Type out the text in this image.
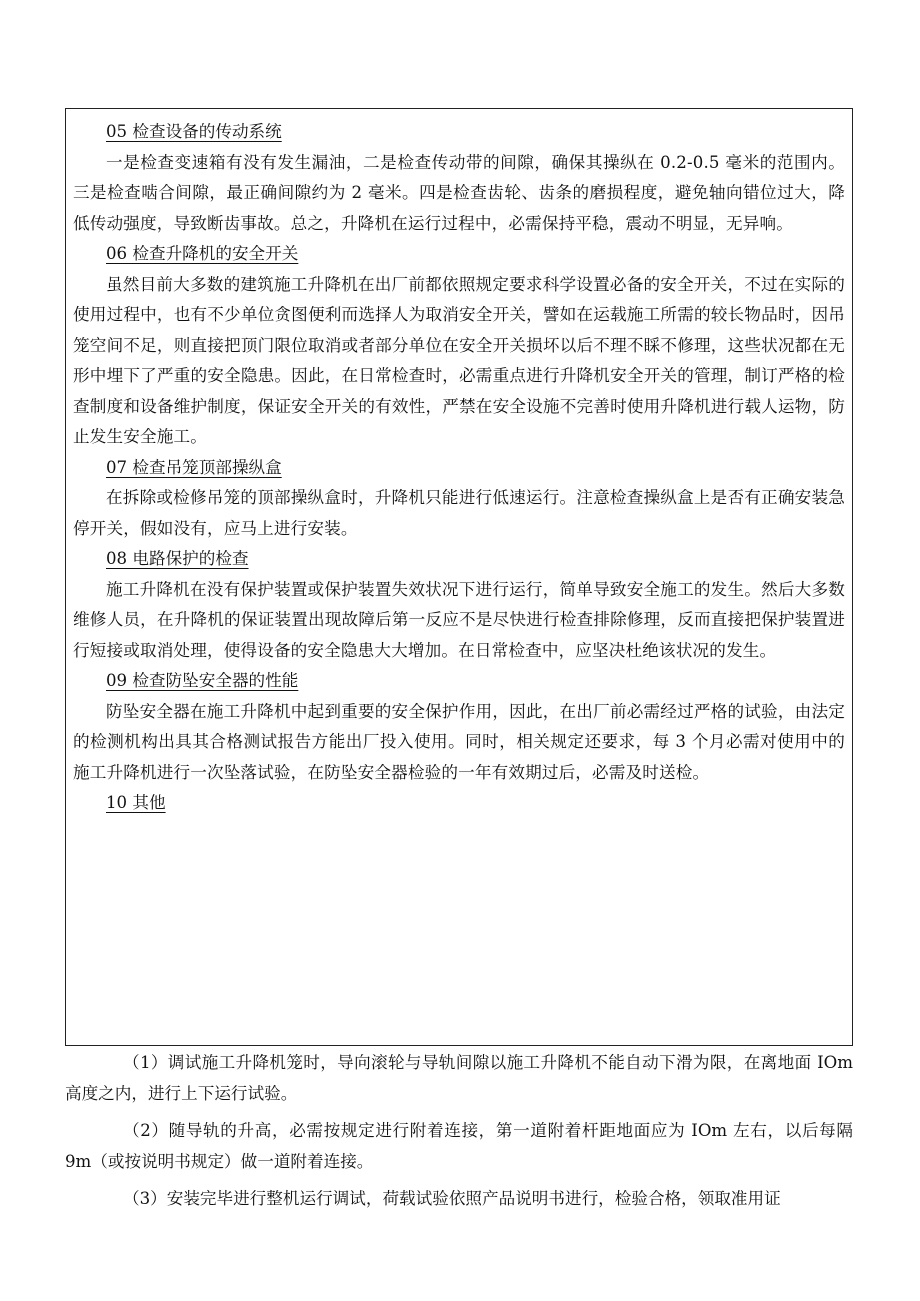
05 检查设备的传动系统

一是检查变速箱有没有发生漏油，二是检查传动带的间隙，确保其操纵在 0.2-0.5 毫米的范围内。三是检查啮合间隙，最正确间隙约为 2 毫米。四是检查齿轮、齿条的磨损程度，避免轴向错位过大，降低传动强度，导致断齿事故。总之，升降机在运行过程中，必需保持平稳，震动不明显，无异响。

06 检查升降机的安全开关

虽然目前大多数的建筑施工升降机在出厂前都依照规定要求科学设置必备的安全开关，不过在实际的使用过程中，也有不少单位贪图便利而选择人为取消安全开关，譬如在运载施工所需的较长物品时，因吊笼空间不足，则直接把顶门限位取消或者部分单位在安全开关损坏以后不理不睬不修理，这些状况都在无形中埋下了严重的安全隐患。因此，在日常检查时，必需重点进行升降机安全开关的管理，制订严格的检查制度和设备维护制度，保证安全开关的有效性，严禁在安全设施不完善时使用升降机进行载人运物，防止发生安全施工。

07 检查吊笼顶部操纵盒

在拆除或检修吊笼的顶部操纵盒时，升降机只能进行低速运行。注意检查操纵盒上是否有正确安装急停开关，假如没有，应马上进行安装。

08 电路保护的检查

施工升降机在没有保护装置或保护装置失效状况下进行运行，简单导致安全施工的发生。然后大多数维修人员，在升降机的保证装置出现故障后第一反应不是尽快进行检查排除修理，反而直接把保护装置进行短接或取消处理，使得设备的安全隐患大大增加。在日常检查中，应坚决杜绝该状况的发生。

09 检查防坠安全器的性能

防坠安全器在施工升降机中起到重要的安全保护作用，因此，在出厂前必需经过严格的试验，由法定的检测机构出具其合格测试报告方能出厂投入使用。同时，相关规定还要求，每 3 个月必需对使用中的施工升降机进行一次坠落试验，在防坠安全器检验的一年有效期过后，必需及时送检。

10 其他

（1）调试施工升降机笼时，导向滚轮与导轨间隙以施工升降机不能自动下滑为限，在离地面 IOm 高度之内，进行上下运行试验。

（2）随导轨的升高，必需按规定进行附着连接，第一道附着杆距地面应为 IOm 左右，以后每隔 9m（或按说明书规定）做一道附着连接。

（3）安装完毕进行整机运行调试，荷载试验依照产品说明书进行，检验合格，领取准用证
